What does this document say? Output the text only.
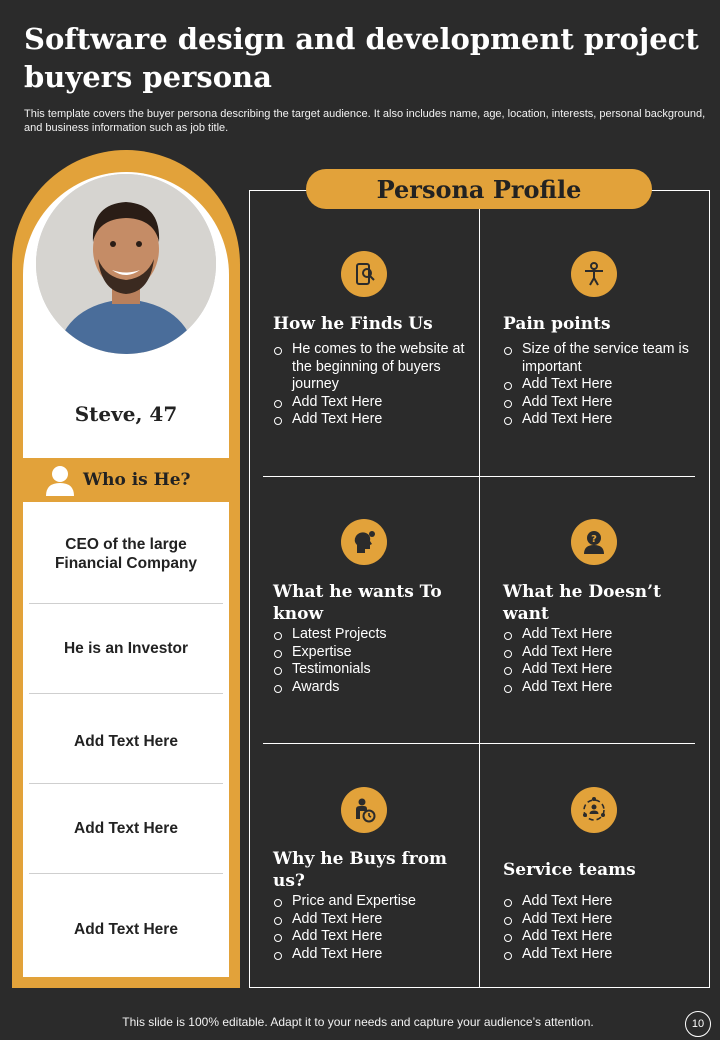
Software design and development project buyers persona
This template covers the buyer persona describing the target audience. It also includes name, age, location, interests, personal background, and business information such as job title.
Steve, 47
Who is He?
CEO of the large Financial Company
He is an Investor
Add Text Here
Add Text Here
Add Text Here
Persona Profile
How he Finds Us
He comes to the website at the beginning of buyers journey
Add Text Here
Add Text Here
Pain points
Size of the service team is important
Add Text Here
Add Text Here
Add Text Here
What he wants To know
Latest Projects
Expertise
Testimonials
Awards
?
What he Doesn’t want
Add Text Here
Add Text Here
Add Text Here
Add Text Here
Why he Buys from us?
Price and Expertise
Add Text Here
Add Text Here
Add Text Here
Service teams
Add Text Here
Add Text Here
Add Text Here
Add Text Here
This slide is 100% editable. Adapt it to your needs and capture your audience’s attention.	10
